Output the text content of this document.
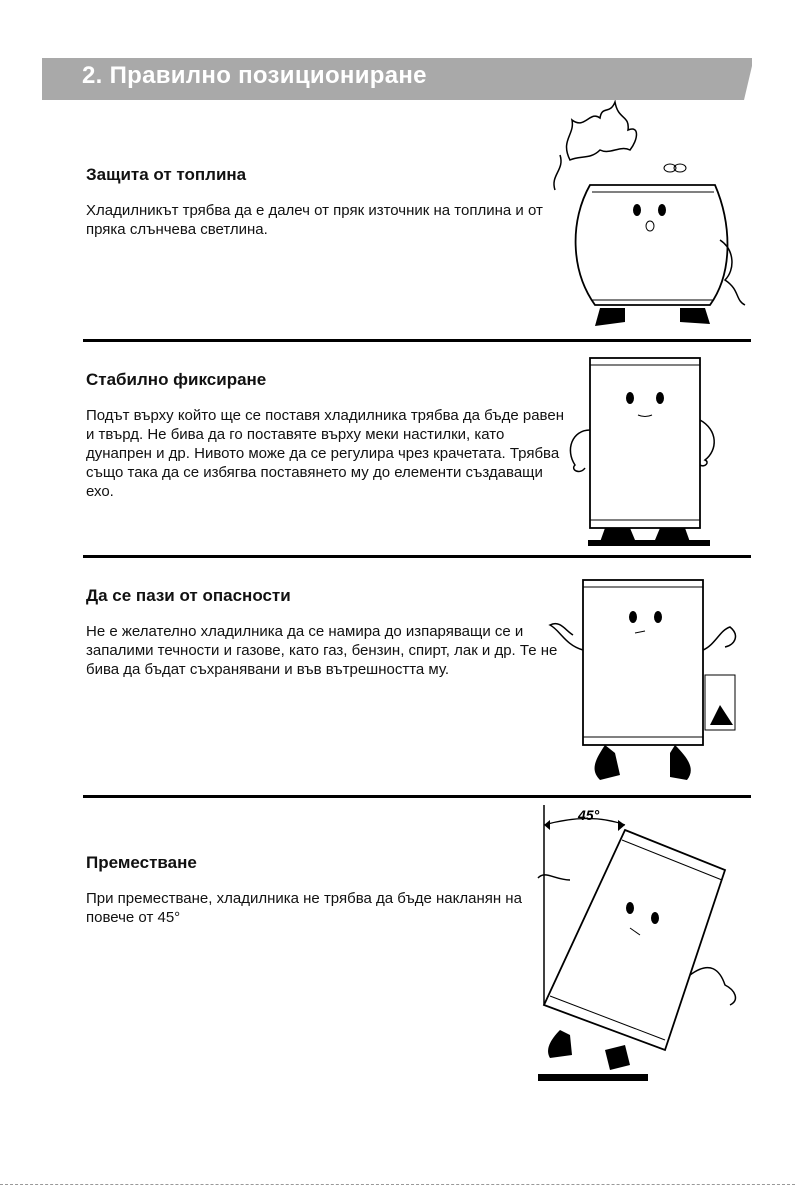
2. Правилно позициониране

Защита от топлина

Хладилникът трябва да е далеч от пряк източник на топлина и от пряка слънчева светлина.

Стабилно фиксиране

Подът върху който ще се поставя хладилника трябва да бъде равен и твърд. Не бива да го поставяте върху меки настилки, като дунапрен и др. Нивото може да се регулира чрез крачетата. Трябва също така да се избягва поставянето му до елементи създаващи ехо.

Да се пази от опасности

Не е желателно хладилника да се намира до изпаряващи се и запалими течности и газове, като газ, бензин, спирт, лак и др. Те не бива да бъдат съхранявани и във вътрешността му.

Преместване

При преместване, хладилника не трябва да бъде накланян на повече от 45°

45°
